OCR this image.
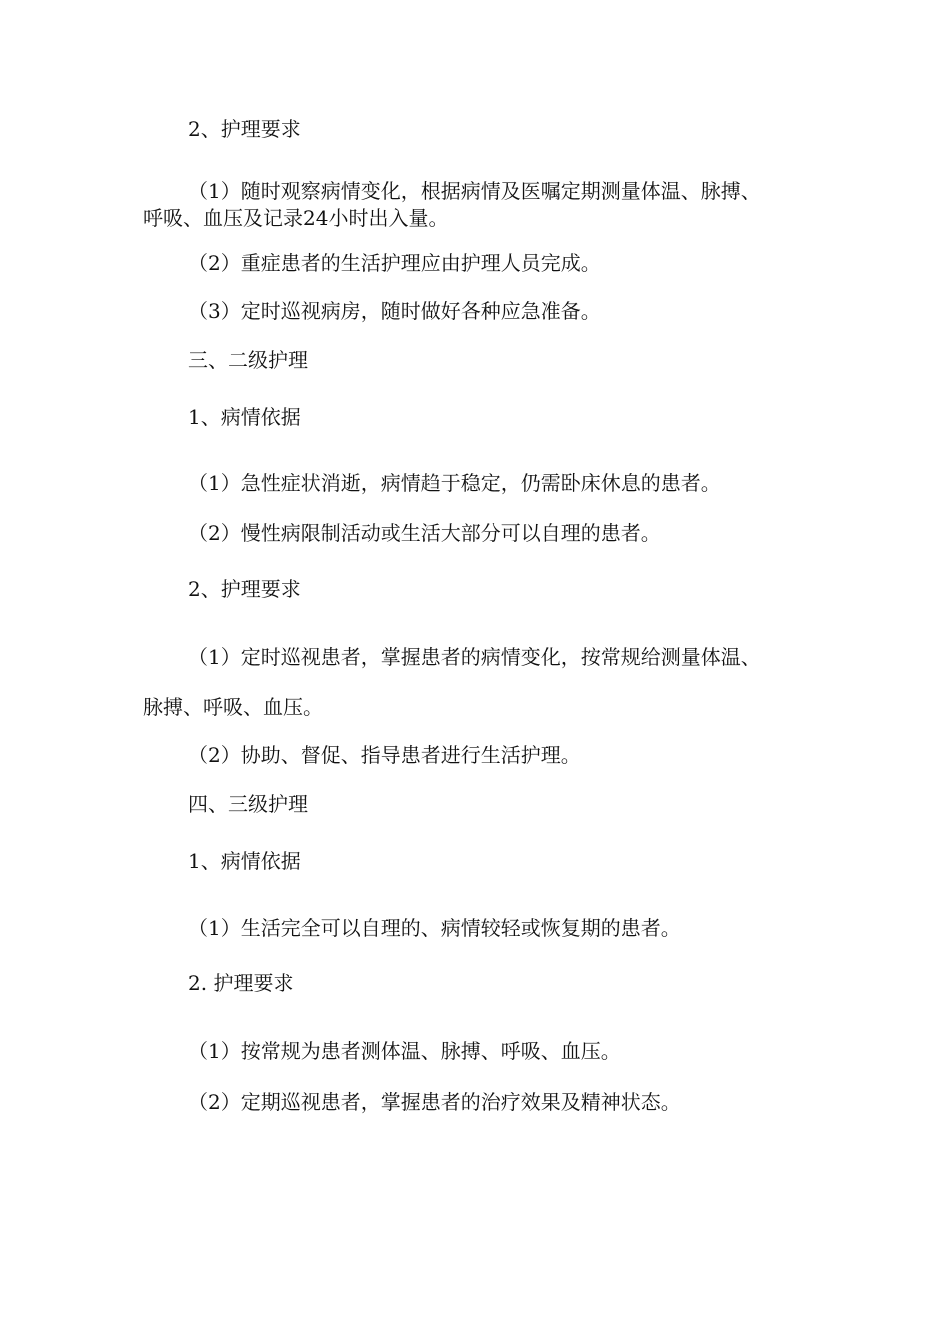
2、护理要求
（1）随时观察病情变化，根据病情及医嘱定期测量体温、脉搏、
呼吸、血压及记录24小时出入量。
（2）重症患者的生活护理应由护理人员完成。
（3）定时巡视病房，随时做好各种应急准备。
三、二级护理
1、病情依据
（1）急性症状消逝，病情趋于稳定，仍需卧床休息的患者。
（2）慢性病限制活动或生活大部分可以自理的患者。
2、护理要求
（1）定时巡视患者，掌握患者的病情变化，按常规给测量体温、
脉搏、呼吸、血压。
（2）协助、督促、指导患者进行生活护理。
四、三级护理
1、病情依据
（1）生活完全可以自理的、病情较轻或恢复期的患者。
2. 护理要求
（1）按常规为患者测体温、脉搏、呼吸、血压。
（2）定期巡视患者，掌握患者的治疗效果及精神状态。
